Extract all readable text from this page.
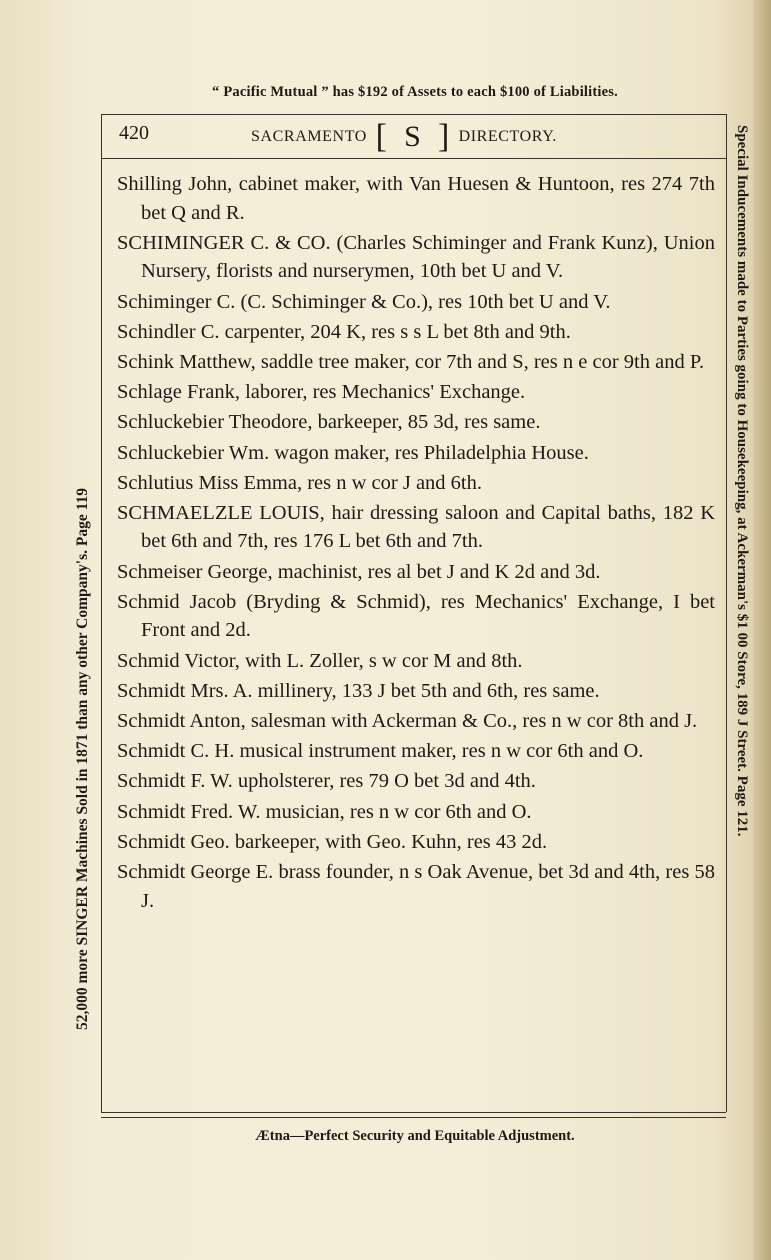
“ Pacific Mutual ” has $192 of Assets to each $100 of Liabilities.
52,000 more SINGER Machines Sold in 1871 than any other Company's. Page 119	Special Inducements made to Parties going to Housekeeping, at Ackerman's $1 00 Store, 189 J Street. Page 121.
420	SACRAMENTO [ S ] DIRECTORY.

Shilling John, cabinet maker, with Van Huesen & Huntoon, res 274 7th bet Q and R.

SCHIMINGER C. & CO. (Charles Schiminger and Frank Kunz), Union Nursery, florists and nurserymen, 10th bet U and V.

Schiminger C. (C. Schiminger & Co.), res 10th bet U and V.

Schindler C. carpenter, 204 K, res s s L bet 8th and 9th.

Schink Matthew, saddle tree maker, cor 7th and S, res n e cor 9th and P.

Schlage Frank, laborer, res Mechanics' Exchange.

Schluckebier Theodore, barkeeper, 85 3d, res same.

Schluckebier Wm. wagon maker, res Philadelphia House.

Schlutius Miss Emma, res n w cor J and 6th.

SCHMAELZLE LOUIS, hair dressing saloon and Capital baths, 182 K bet 6th and 7th, res 176 L bet 6th and 7th.

Schmeiser George, machinist, res al bet J and K 2d and 3d.

Schmid Jacob (Bryding & Schmid), res Mechanics' Exchange, I bet Front and 2d.

Schmid Victor, with L. Zoller, s w cor M and 8th.

Schmidt Mrs. A. millinery, 133 J bet 5th and 6th, res same.

Schmidt Anton, salesman with Ackerman & Co., res n w cor 8th and J.

Schmidt C. H. musical instrument maker, res n w cor 6th and O.

Schmidt F. W. upholsterer, res 79 O bet 3d and 4th.

Schmidt Fred. W. musician, res n w cor 6th and O.

Schmidt Geo. barkeeper, with Geo. Kuhn, res 43 2d.

Schmidt George E. brass founder, n s Oak Avenue, bet 3d and 4th, res 58 J.

Ætna—Perfect Security and Equitable Adjustment.
